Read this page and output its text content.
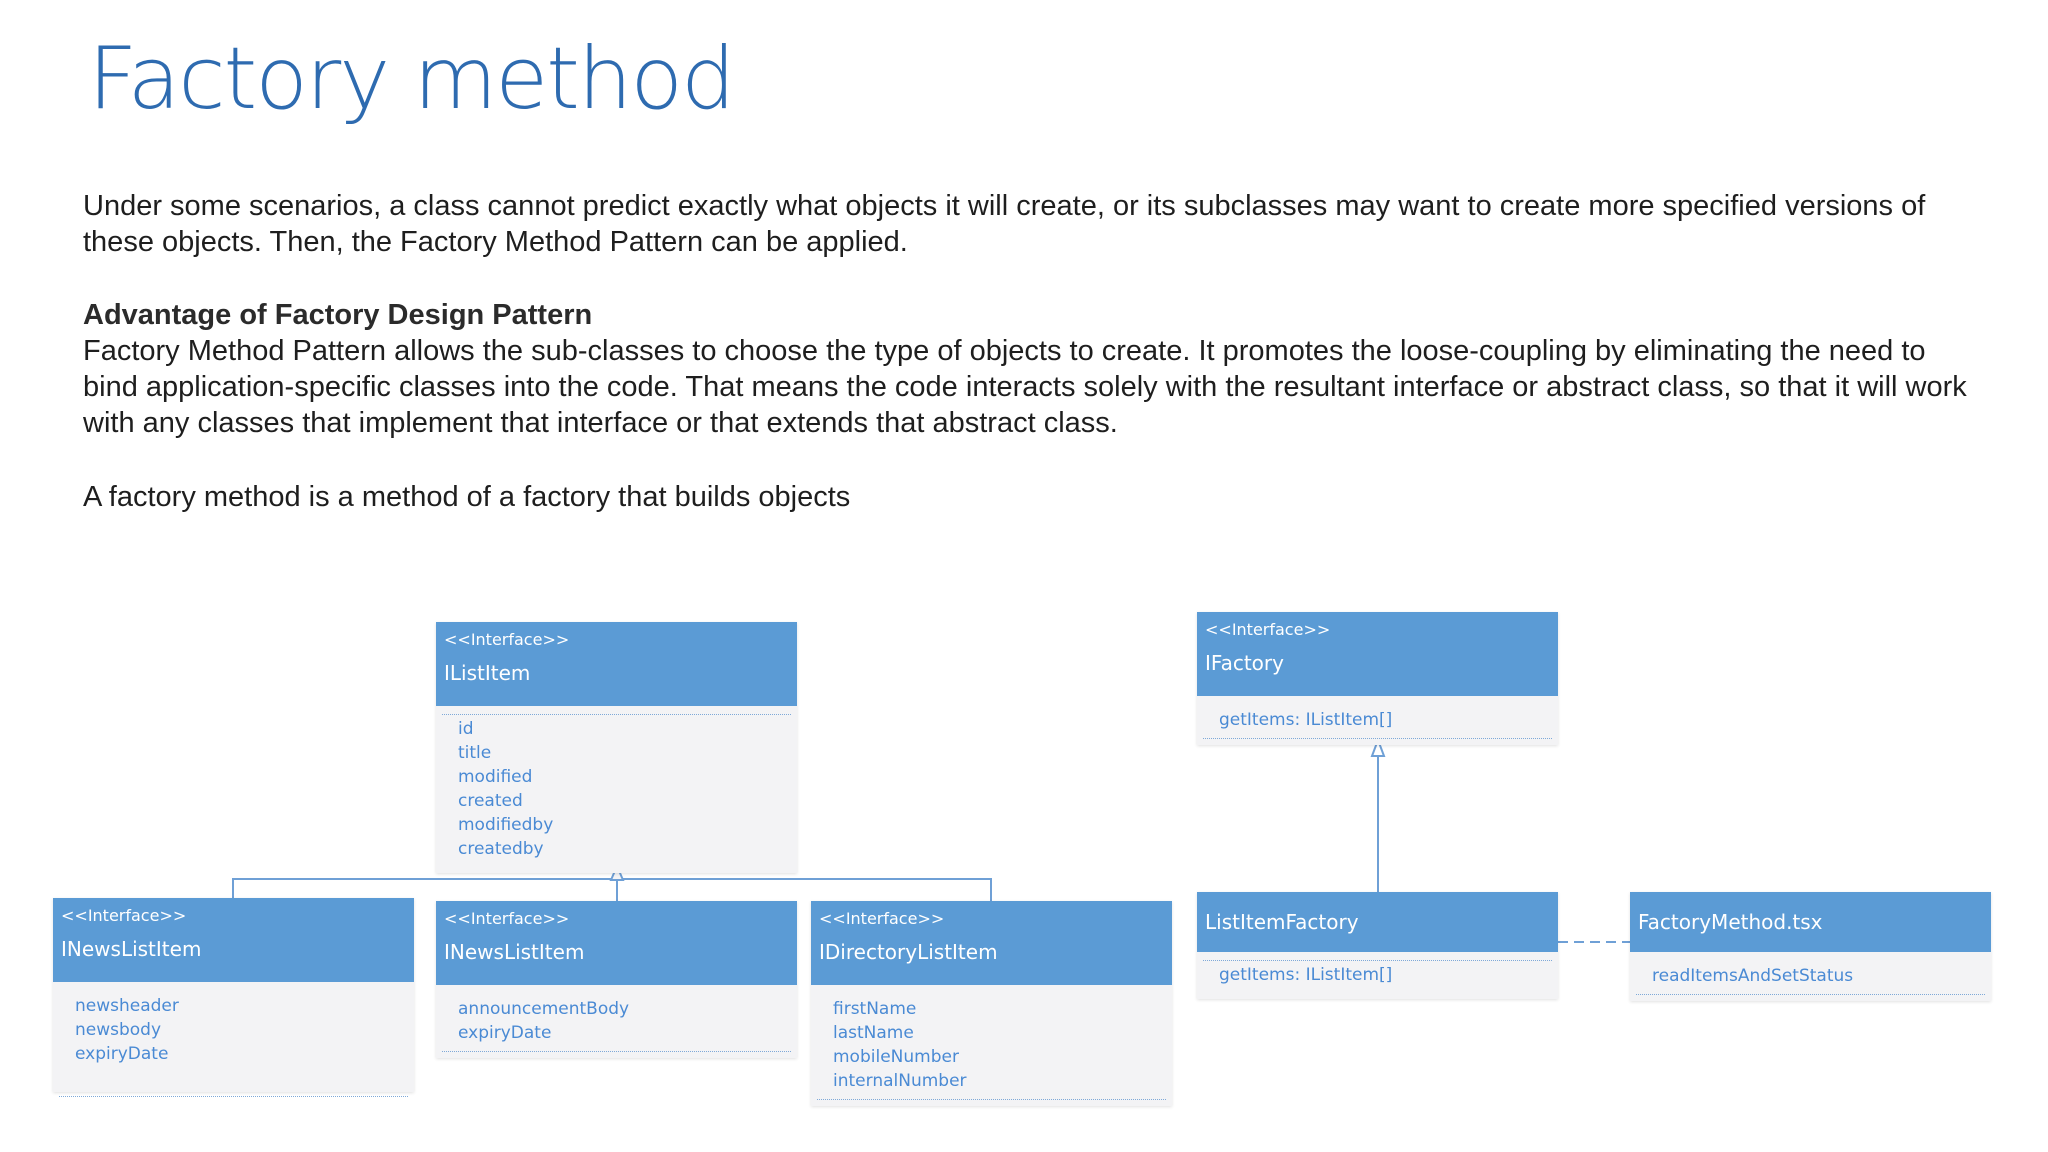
Factory method

Under some scenarios, a class cannot predict exactly what objects it will create, or its subclasses may want to create more specified versions of these objects. Then, the Factory Method Pattern can be applied.

Advantage of Factory Design Pattern

Factory Method Pattern allows the sub-classes to choose the type of objects to create. It promotes the loose-coupling by eliminating the need to bind application-specific classes into the code. That means the code interacts solely with the resultant interface or abstract class, so that it will work with any classes that implement that interface or that extends that abstract class.

A factory method is a method of a factory that builds objects

<<Interface>>
IListItem
id
title
modified
created
modifiedby
createdby
<<Interface>>
INewsListItem
newsheader
newsbody
expiryDate
<<Interface>>
INewsListItem
announcementBody
expiryDate
<<Interface>>
IDirectoryListItem
firstName
lastName
mobileNumber
internalNumber
<<Interface>>
IFactory
getItems: IListItem[]
ListItemFactory
getItems: IListItem[]
FactoryMethod.tsx
readItemsAndSetStatus
